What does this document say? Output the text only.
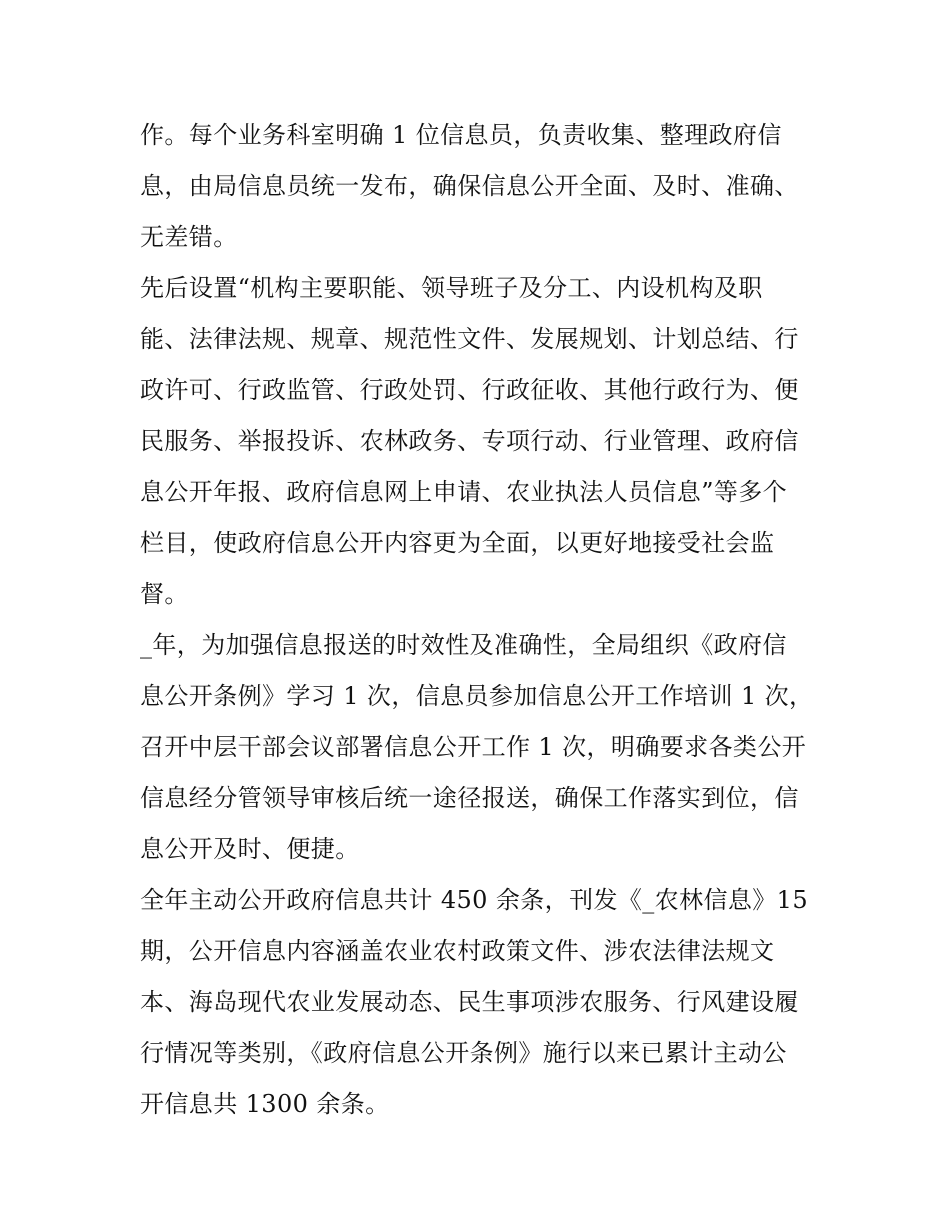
作。每个业务科室明确 1 位信息员，负责收集、整理政府信
息，由局信息员统一发布，确保信息公开全面、及时、准确、
无差错。
先后设置“机构主要职能、领导班子及分工、内设机构及职
能、法律法规、规章、规范性文件、发展规划、计划总结、行
政许可、行政监管、行政处罚、行政征收、其他行政行为、便
民服务、举报投诉、农林政务、专项行动、行业管理、政府信
息公开年报、政府信息网上申请、农业执法人员信息”等多个
栏目，使政府信息公开内容更为全面，以更好地接受社会监
督。
_年，为加强信息报送的时效性及准确性，全局组织《政府信
息公开条例》学习 1 次，信息员参加信息公开工作培训 1 次，
召开中层干部会议部署信息公开工作 1 次，明确要求各类公开
信息经分管领导审核后统一途径报送，确保工作落实到位，信
息公开及时、便捷。
全年主动公开政府信息共计 450 余条，刊发《_农林信息》15
期，公开信息内容涵盖农业农村政策文件、涉农法律法规文
本、海岛现代农业发展动态、民生事项涉农服务、行风建设履
行情况等类别，《政府信息公开条例》施行以来已累计主动公
开信息共 1300 余条。
